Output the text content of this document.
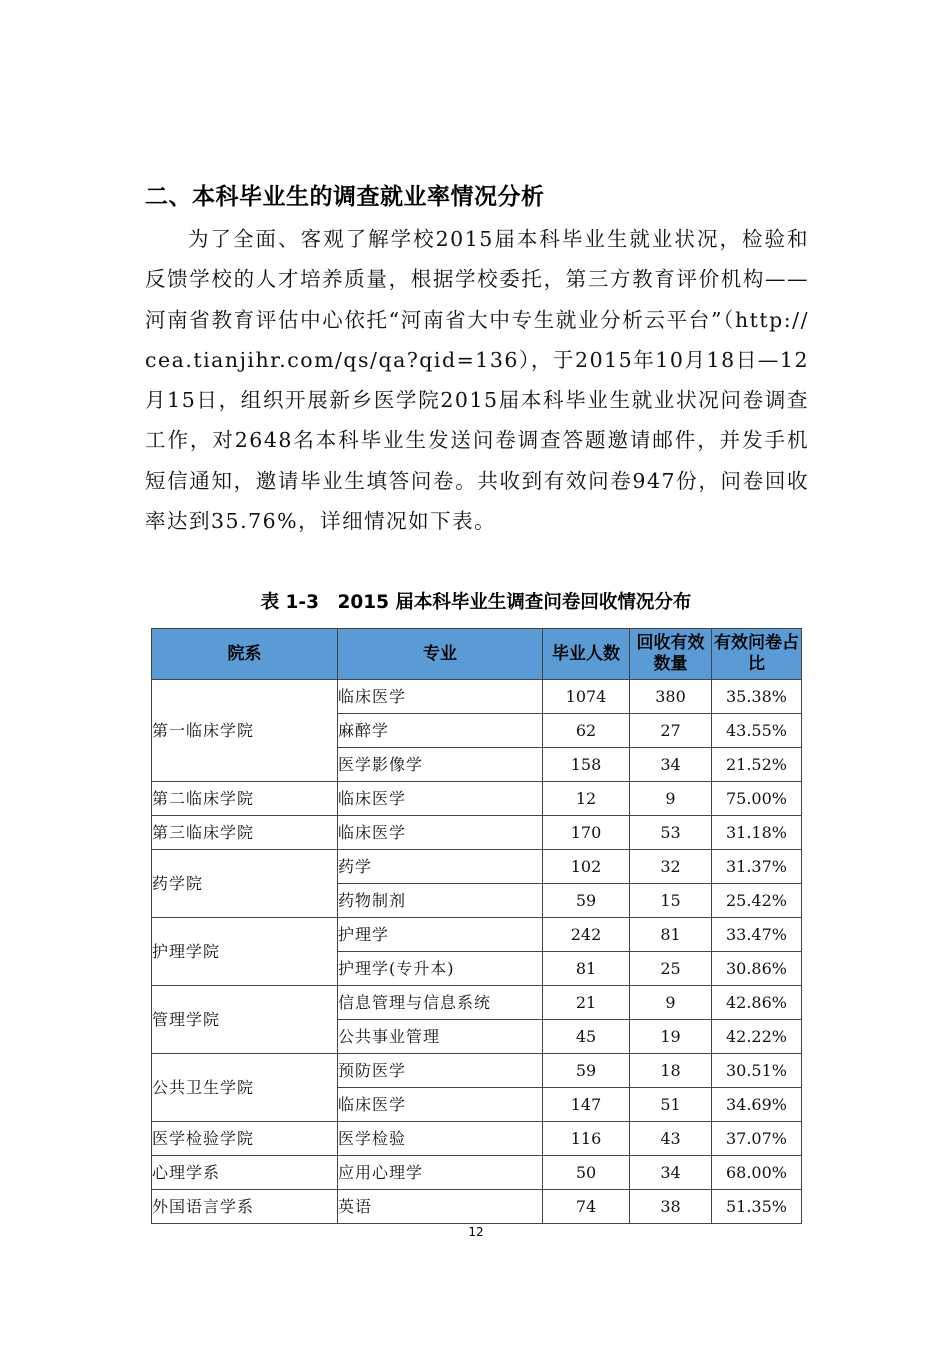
二、本科毕业生的调查就业率情况分析
为了全面、客观了解学校2015届本科毕业生就业状况，检验和反馈学校的人才培养质量，根据学校委托，第三方教育评价机构——河南省教育评估中心依托“河南省大中专生就业分析云平台”（http://cea.tianjihr.com/qs/qa?qid=136），于2015年10月18日—12月15日，组织开展新乡医学院2015届本科毕业生就业状况问卷调查工作，对2648名本科毕业生发送问卷调查答题邀请邮件，并发手机短信通知，邀请毕业生填答问卷。共收到有效问卷947份，问卷回收率达到35.76%，详细情况如下表。
表 1-3　2015 届本科毕业生调查问卷回收情况分布
院系	专业	毕业人数	回收有效数量	有效问卷占比
第一临床学院	临床医学	1074	380	35.38%
	麻醉学	62	27	43.55%
	医学影像学	158	34	21.52%
第二临床学院	临床医学	12	9	75.00%
第三临床学院	临床医学	170	53	31.18%
药学院	药学	102	32	31.37%
	药物制剂	59	15	25.42%
护理学院	护理学	242	81	33.47%
	护理学(专升本)	81	25	30.86%
管理学院	信息管理与信息系统	21	9	42.86%
	公共事业管理	45	19	42.22%
公共卫生学院	预防医学	59	18	30.51%
	临床医学	147	51	34.69%
医学检验学院	医学检验	116	43	37.07%
心理学系	应用心理学	50	34	68.00%
外国语言学系	英语	74	38	51.35%
12
